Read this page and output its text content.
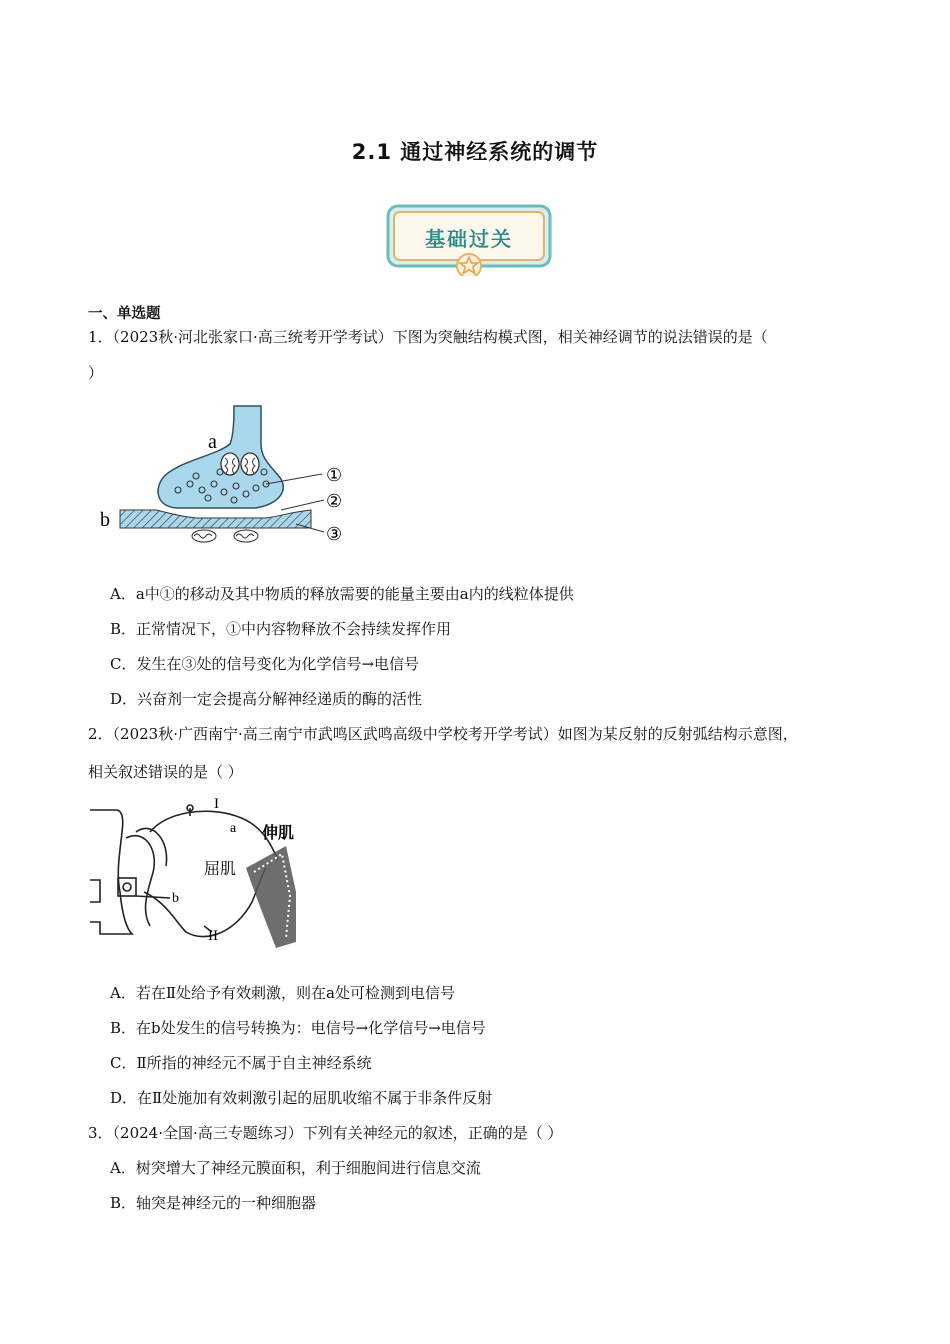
2.1 通过神经系统的调节
基础过关
一、单选题
1．（2023秋·河北张家口·高三统考开学考试）下图为突触结构模式图，相关神经调节的说法错误的是（
）
a
b
①
②
③
A．a中①的移动及其中物质的释放需要的能量主要由a内的线粒体提供
B．正常情况下，①中内容物释放不会持续发挥作用
C．发生在③处的信号变化为化学信号→电信号
D．兴奋剂一定会提高分解神经递质的酶的活性
2．（2023秋·广西南宁·高三南宁市武鸣区武鸣高级中学校考开学考试）如图为某反射的反射弧结构示意图，
相关叙述错误的是（ ）
I
a
b
II
伸肌
屈肌
A．若在Ⅱ处给予有效刺激，则在a处可检测到电信号
B．在b处发生的信号转换为：电信号→化学信号→电信号
C．Ⅱ所指的神经元不属于自主神经系统
D．在Ⅱ处施加有效刺激引起的屈肌收缩不属于非条件反射
3．（2024·全国·高三专题练习）下列有关神经元的叙述，正确的是（ ）
A．树突增大了神经元膜面积，利于细胞间进行信息交流
B．轴突是神经元的一种细胞器
